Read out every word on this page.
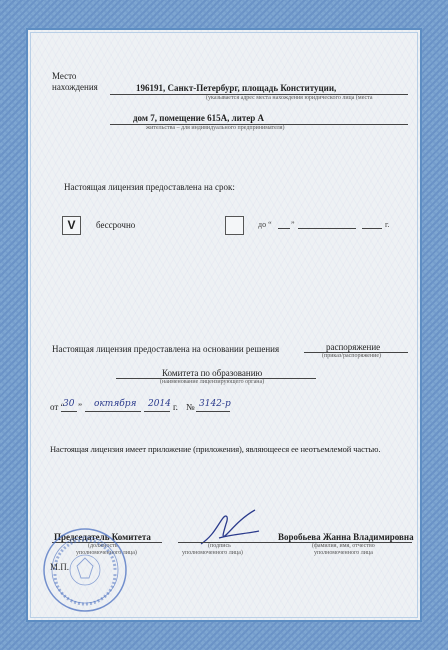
Место
нахождения	196191, Санкт-Петербург, площадь Конституции,
(указывается адрес места нахождения юридического лица (места
дом 7, помещение 615А, литер А
жительства – для индивидуального предпринимателя)
Настоящая лицензия предоставлена на срок:
V	бессрочно	до “ ”	г.
Настоящая лицензия предоставлена на основании решения	распоряжение
(приказ/распоряжение)
Комитета по образованию
(наименование лицензирующего органа)
от “
30 ” октября 2014 г. № 3142-р
Настоящая лицензия имеет приложение (приложения), являющееся ее неотъемлемой частью.
Председатель Комитета
(должность
уполномоченного лица)
(подпись
уполномоченного лица)
Воробьева Жанна Владимировна
(фамилия, имя, отчество
уполномоченного лица
М.П.
